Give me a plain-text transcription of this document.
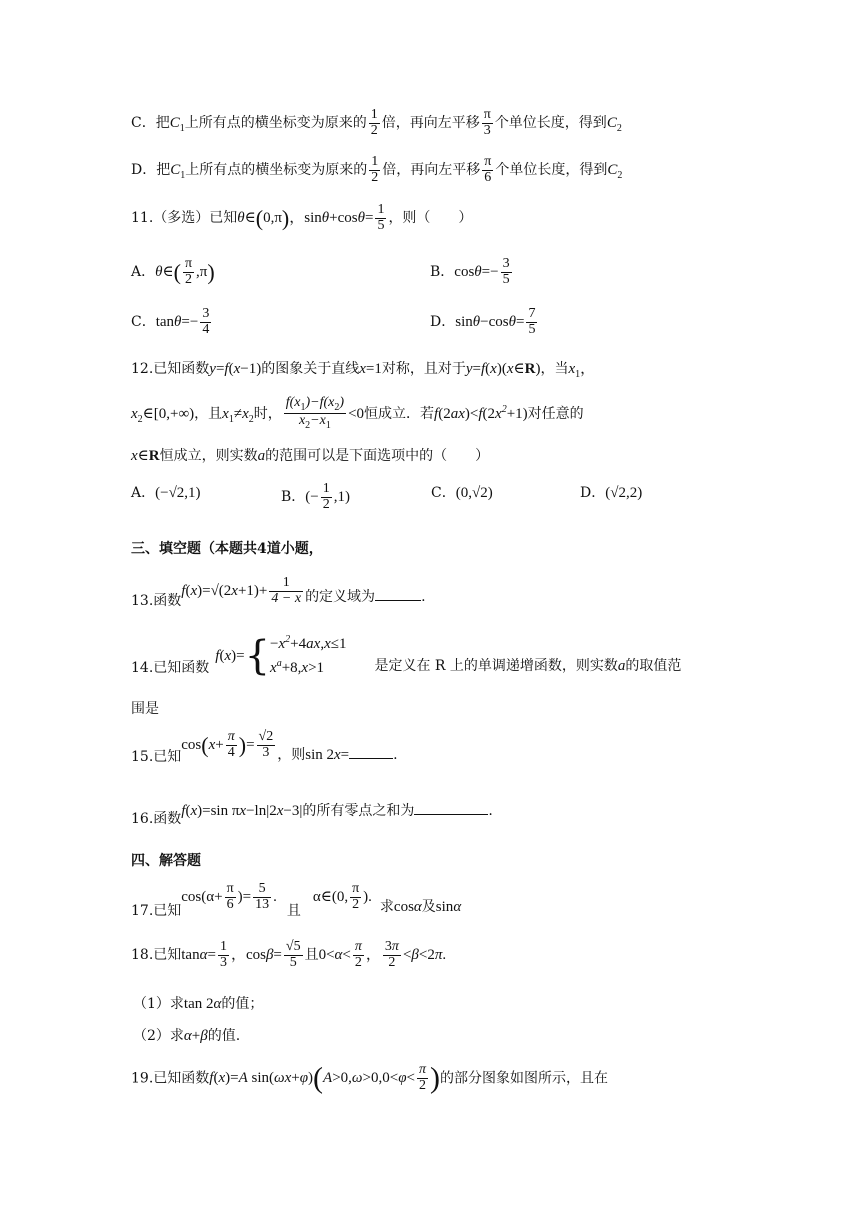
C．把$C_1$上所有点的横坐标变为原来的 $\frac{1}{2}$ 倍，再向左平移 $\frac{\pi}{3}$ 个单位长度，得到$C_2$
D．把$C_1$上所有点的横坐标变为原来的 $\frac{1}{2}$ 倍，再向左平移 $\frac{\pi}{6}$ 个单位长度，得到$C_2$
11.（多选）已知θ∈(0,π)，$\sin\theta+\cos\theta= \frac{1}{5}$ ，则（　　）
A．θ∈( $\frac{\pi}{2} ,\pi$)	B．$\cos\theta=- \frac{3}{5}$
C．$\tan\theta=- \frac{3}{4}$	D．$\sin\theta-\cos\theta= \frac{7}{5}$
12.已知函数y=f(x−1)的图象关于直线x=1对称，且对于y=f(x)(x∈R)，当$x_1$，
$x_2\in[0,+\infty)$，且$x_1\ne x_2$时， $\frac{f(x_1)-f(x_2)}{x_2-x_1} <0$恒成立．若$f(2ax)<f(2x^2+1)$对任意的
x∈R恒成立，则实数a的范围可以是下面选项中的（　　）
A．(−√2,1)	B．(− $\frac{1}{2} ,1$)	C．(0,√2)	D．(√2,2)
三、填空题（本题共4道小题，
13.函数$f(x)=√(2x+1)+ \frac{1}{4 - x}$ 的定义域为	.
14.已知函数$f(x)=\{ -x^2+4ax,x\le 1$
$x^a+8,x>1$	是定义在 R 上的单调递增函数，则实数a的取值范
围是
15.已知$\cos(x+ \frac{\pi}{4}$ )= $\frac{√2}{3}$ ，则sin 2x=	.
16.函数f(x)=sin πx−ln|2x−3|的所有零点之和为	.
四、解答题
17.已知$\cos(\alpha+ \frac{\pi}{6}$ )= $\frac{5}{13}$ .且α∈(0, $\frac{\pi}{2}$ ).求cosα及sinα
18.已知$\tan\alpha= \frac{1}{3}$ ，$\cos\beta= \frac{√5}{5}$ 且$0<\alpha< \frac{\pi}{2}$ ， $\frac{3\pi}{2} <\beta<2\pi$.
（1）求tan 2α的值；
（2）求α+β的值.
19.已知函数f(x)=A $\sin(\omega x+\varphi)(A>0,\omega>0,0<\varphi< \frac{\pi}{2}$ )的部分图象如图所示，且在
